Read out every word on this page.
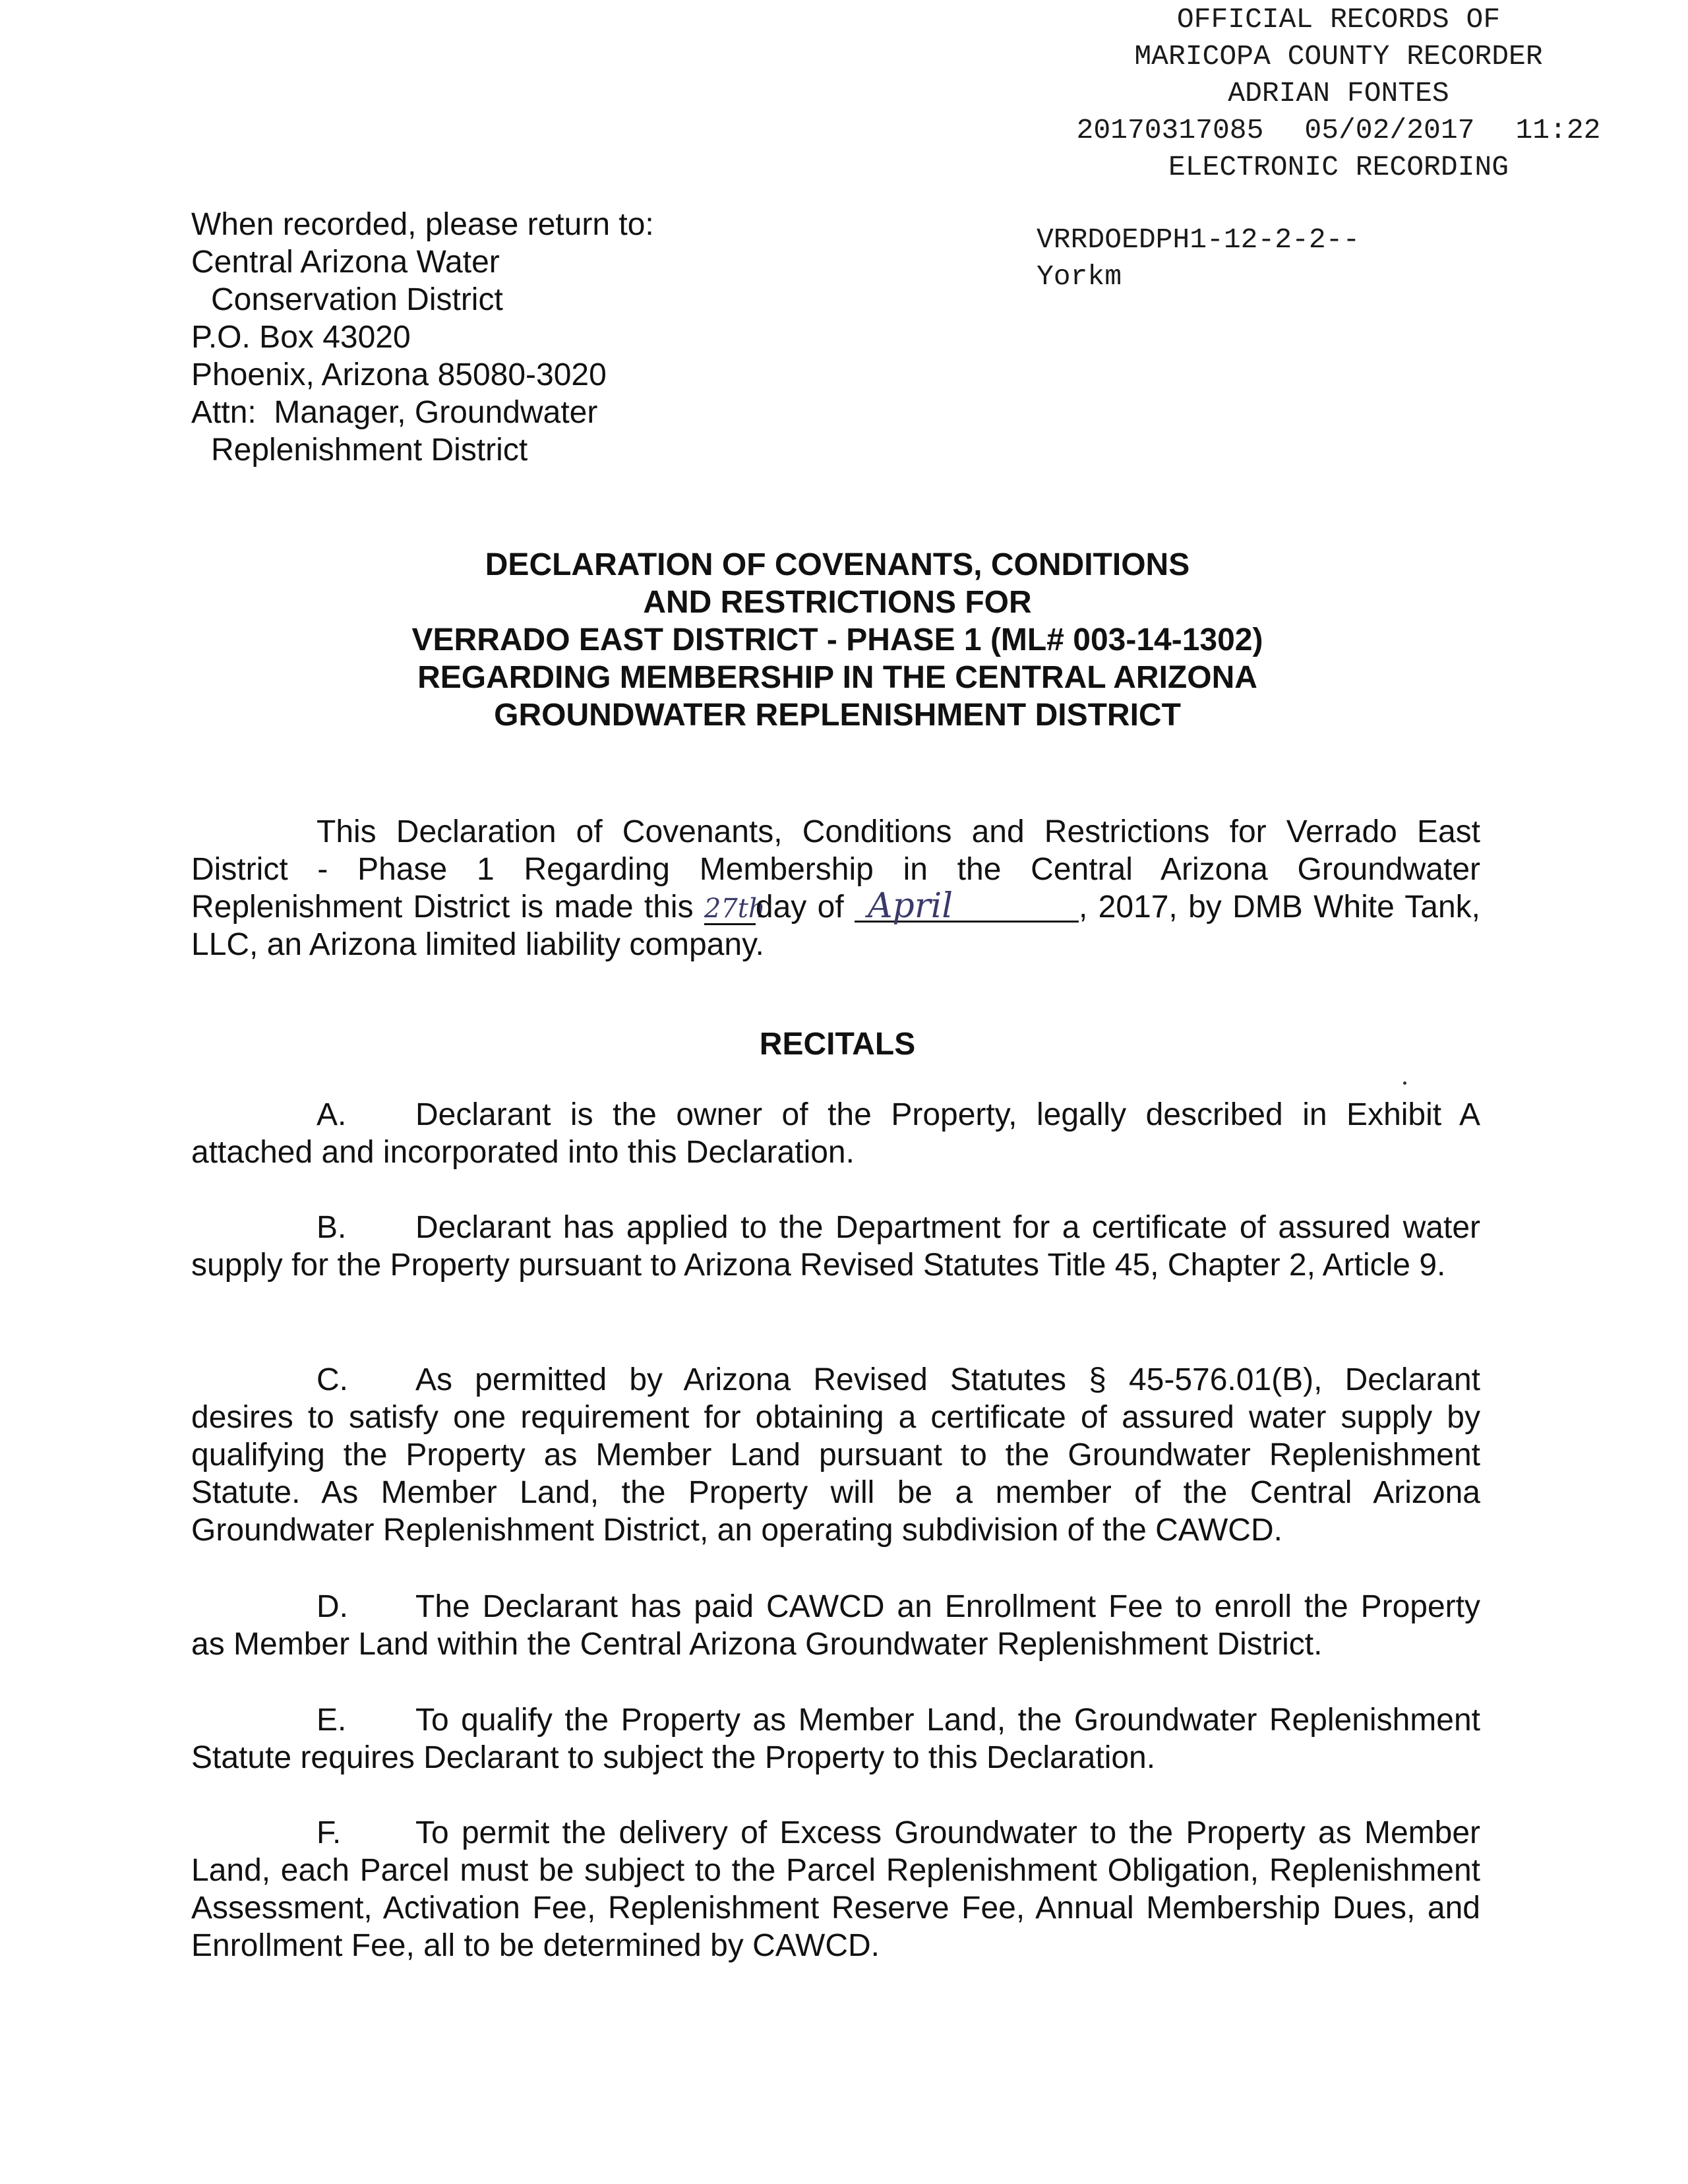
OFFICIAL RECORDS OF
MARICOPA COUNTY RECORDER
ADRIAN FONTES
20170317085 05/02/2017 11:22
ELECTRONIC RECORDING
VRRDOEDPH1-12-2-2--
Yorkm
When recorded, please return to:
Central Arizona Water
Conservation District
P.O. Box 43020
Phoenix, Arizona 85080-3020
Attn:  Manager, Groundwater
Replenishment District
DECLARATION OF COVENANTS, CONDITIONS
AND RESTRICTIONS FOR
VERRADO EAST DISTRICT - PHASE 1 (ML# 003-14-1302)
REGARDING MEMBERSHIP IN THE CENTRAL ARIZONA
GROUNDWATER REPLENISHMENT DISTRICT
This Declaration of Covenants, Conditions and Restrictions for Verrado East District - Phase 1 Regarding Membership in the Central Arizona Groundwater Replenishment District is made this 27thday of April	, 2017, by DMB White Tank, LLC, an Arizona limited liability company.
RECITALS
A. Declarant is the owner of the Property, legally described in Exhibit A attached and incorporated into this Declaration.
B. Declarant has applied to the Department for a certificate of assured water supply for the Property pursuant to Arizona Revised Statutes Title 45, Chapter 2, Article 9.
C. As permitted by Arizona Revised Statutes § 45-576.01(B), Declarant desires to satisfy one requirement for obtaining a certificate of assured water supply by qualifying the Property as Member Land pursuant to the Groundwater Replenishment Statute. As Member Land, the Property will be a member of the Central Arizona Groundwater Replenishment District, an operating subdivision of the CAWCD.
D. The Declarant has paid CAWCD an Enrollment Fee to enroll the Property as Member Land within the Central Arizona Groundwater Replenishment District.
E. To qualify the Property as Member Land, the Groundwater Replenishment Statute requires Declarant to subject the Property to this Declaration.
F. To permit the delivery of Excess Groundwater to the Property as Member Land, each Parcel must be subject to the Parcel Replenishment Obligation, Replenishment Assessment, Activation Fee, Replenishment Reserve Fee, Annual Membership Dues, and Enrollment Fee, all to be determined by CAWCD.
